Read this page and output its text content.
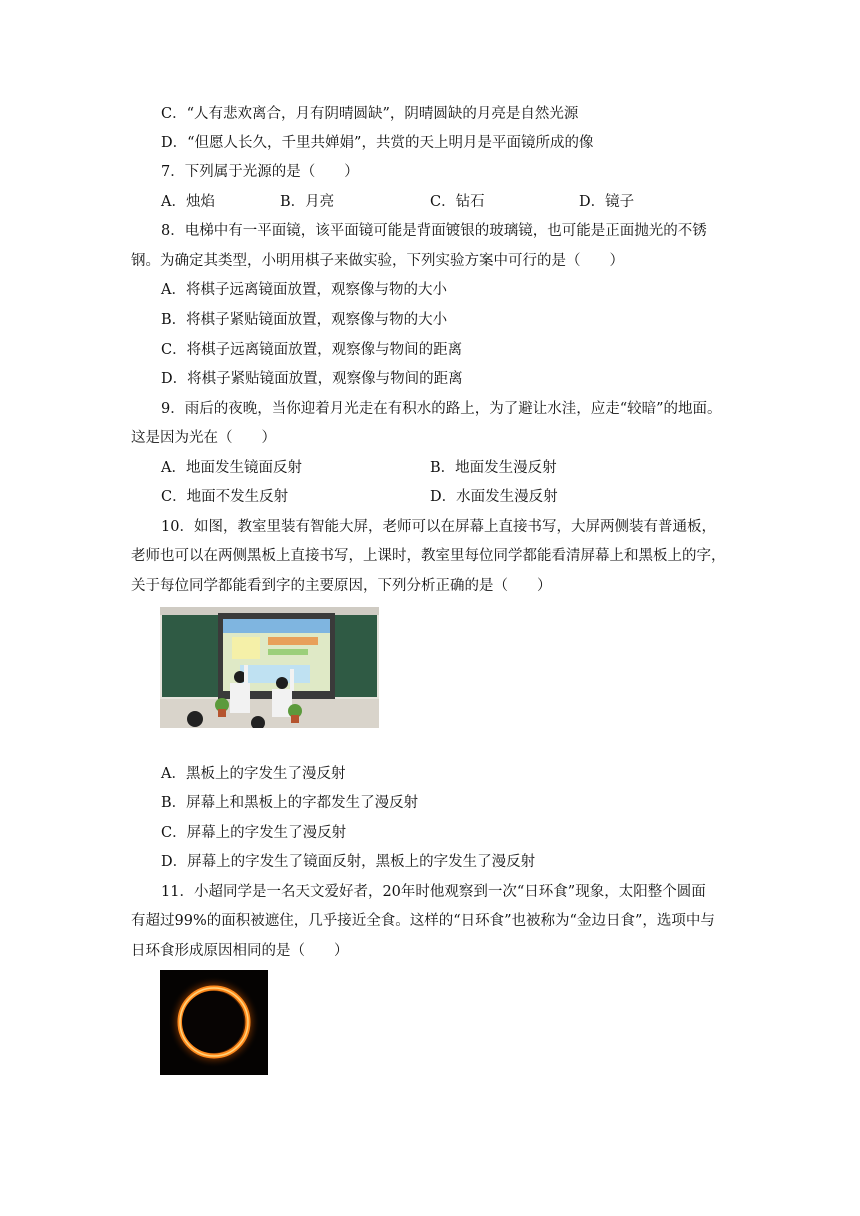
C．“人有悲欢离合，月有阴晴圆缺”，阴晴圆缺的月亮是自然光源
D．“但愿人长久，千里共婵娟”，共赏的天上明月是平面镜所成的像
7．下列属于光源的是（　　）
A．烛焰	B．月亮	C．钻石	D．镜子
8．电梯中有一平面镜，该平面镜可能是背面镀银的玻璃镜，也可能是正面抛光的不锈
钢。为确定其类型，小明用棋子来做实验，下列实验方案中可行的是（　　）
A．将棋子远离镜面放置，观察像与物的大小
B．将棋子紧贴镜面放置，观察像与物的大小
C．将棋子远离镜面放置，观察像与物间的距离
D．将棋子紧贴镜面放置，观察像与物间的距离
9．雨后的夜晚，当你迎着月光走在有积水的路上，为了避让水洼，应走“较暗”的地面。
这是因为光在（　　）
A．地面发生镜面反射	B．地面发生漫反射
C．地面不发生反射	D．水面发生漫反射
10．如图，教室里装有智能大屏，老师可以在屏幕上直接书写，大屏两侧装有普通板，
老师也可以在两侧黑板上直接书写，上课时，教室里每位同学都能看清屏幕上和黑板上的字，
关于每位同学都能看到字的主要原因，下列分析正确的是（　　）
A．黑板上的字发生了漫反射
B．屏幕上和黑板上的字都发生了漫反射
C．屏幕上的字发生了漫反射
D．屏幕上的字发生了镜面反射，黑板上的字发生了漫反射
11．小超同学是一名天文爱好者，20年时他观察到一次“日环食”现象，太阳整个圆面
有超过99%的面积被遮住，几乎接近全食。这样的“日环食”也被称为“金边日食”，选项中与
日环食形成原因相同的是（　　）
